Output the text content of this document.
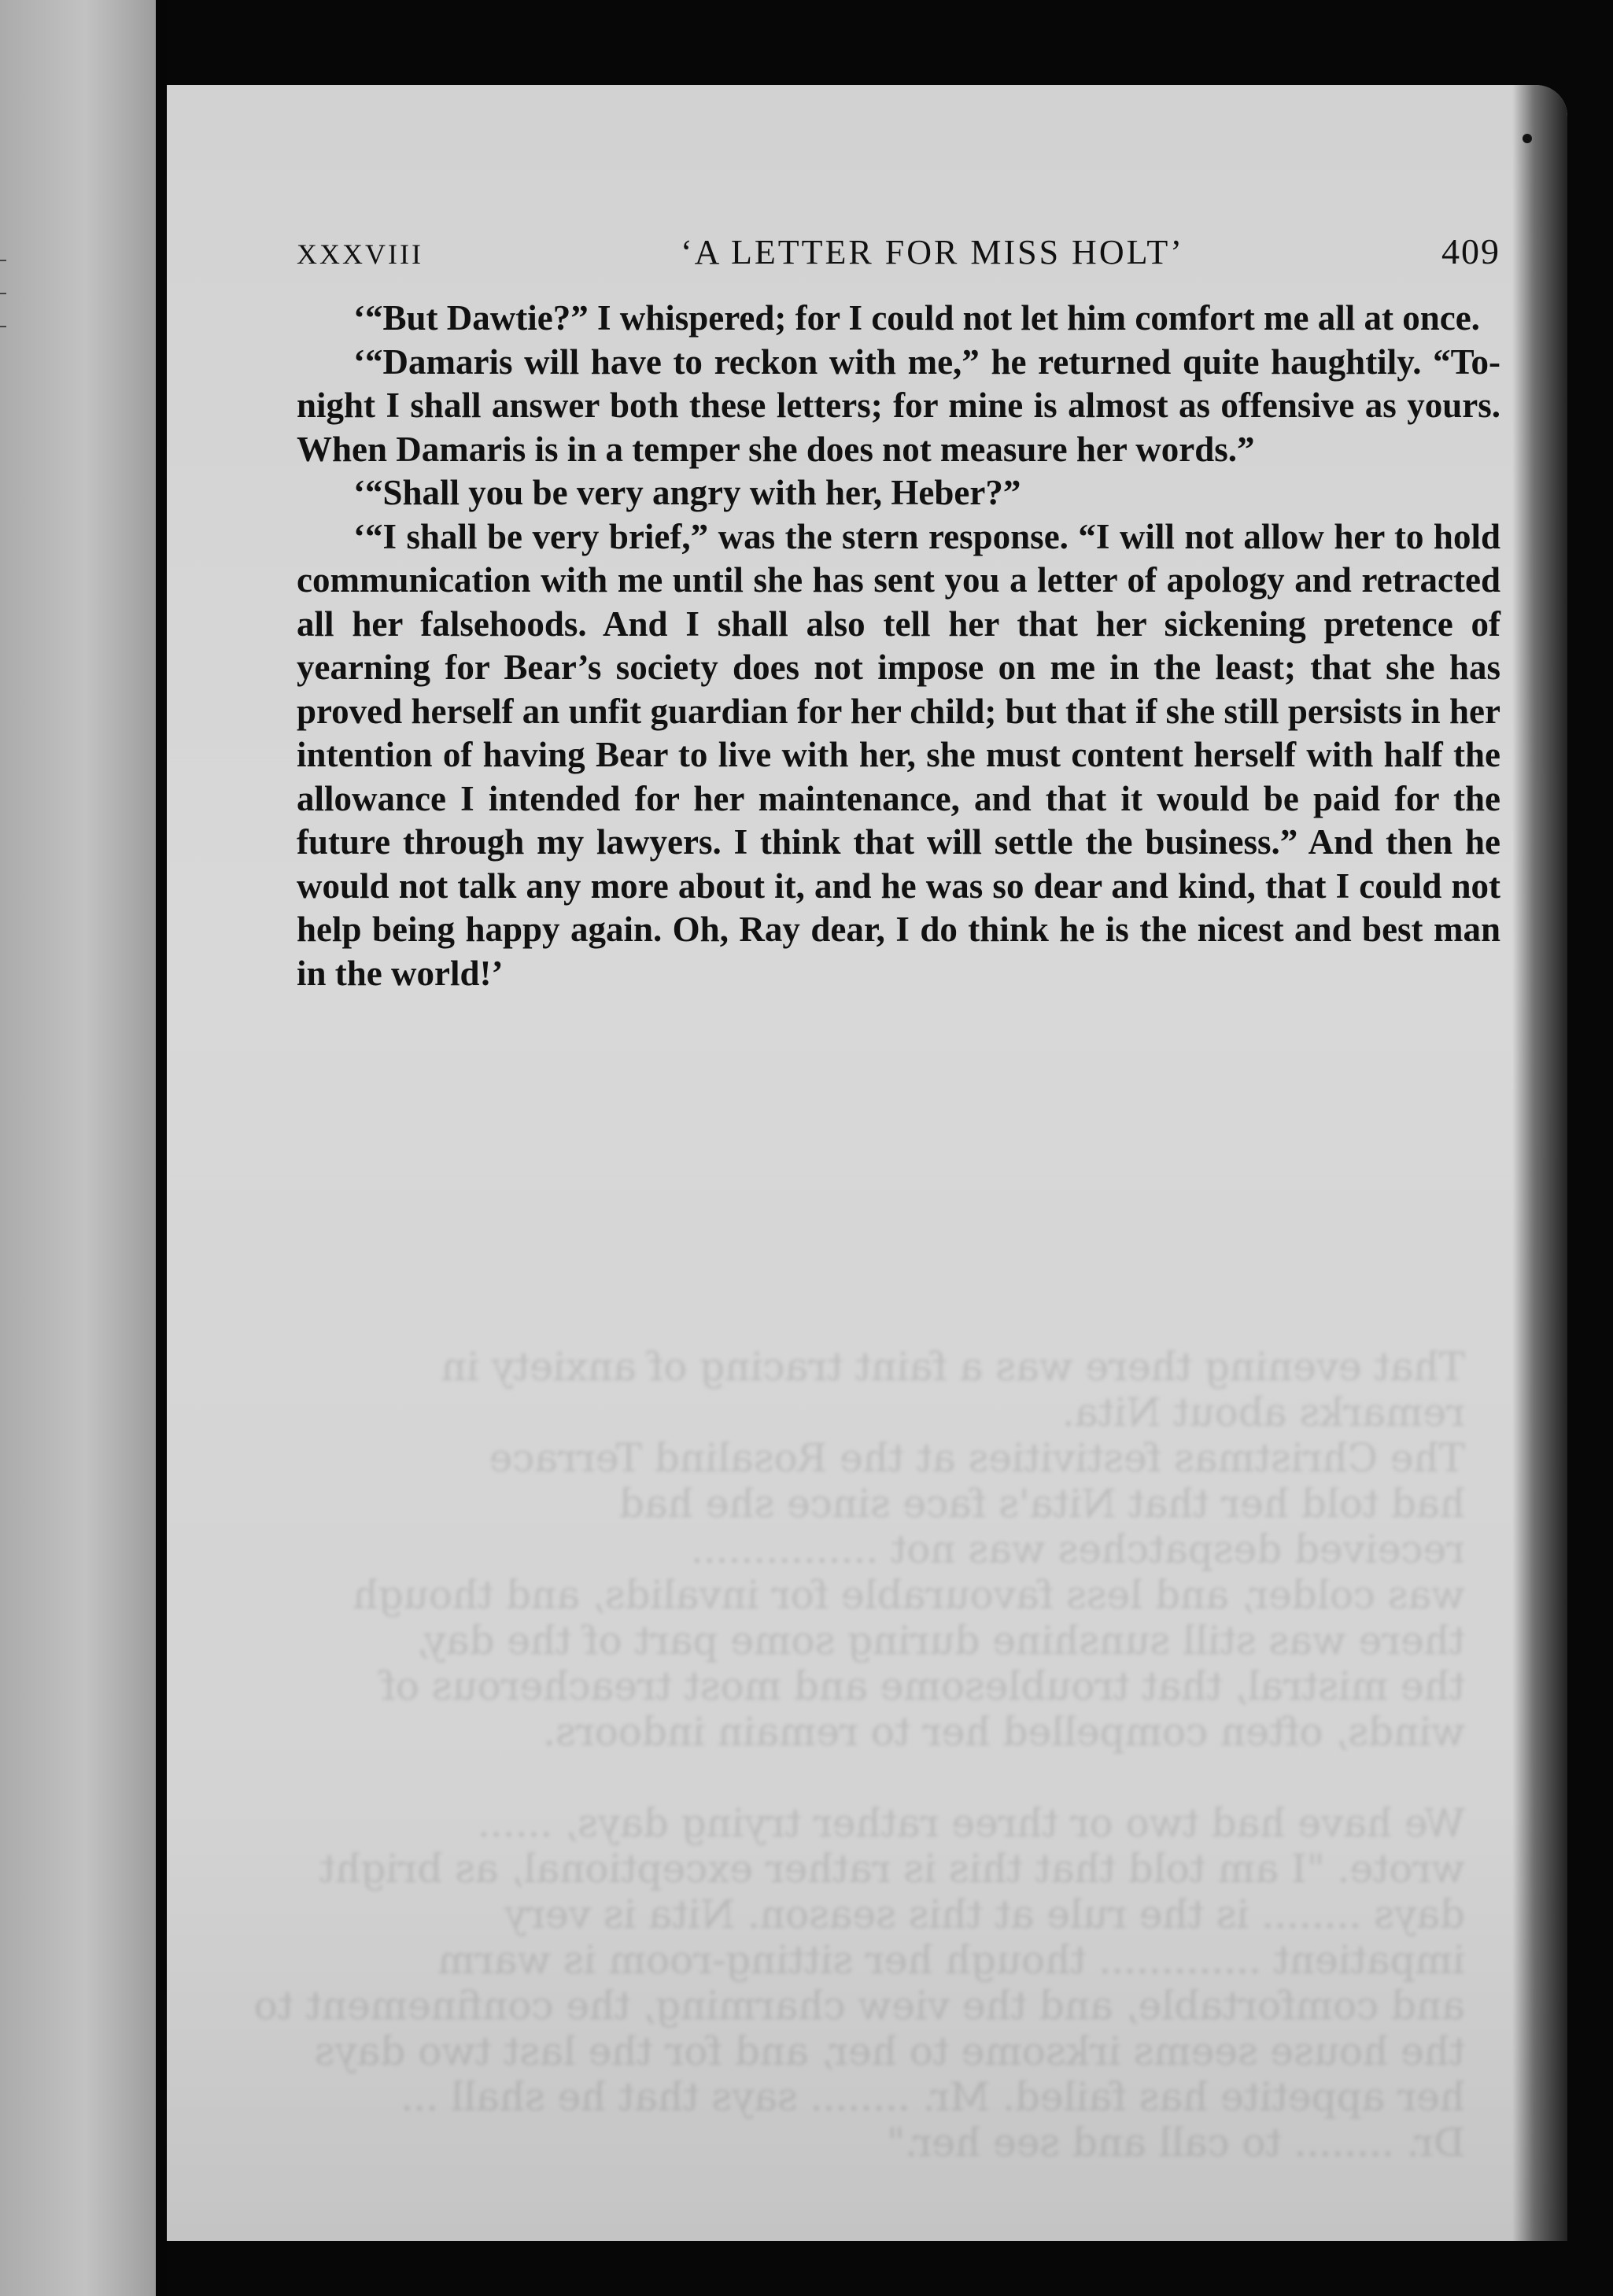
That evening there was a faint tracing of anxiety in
remarks about Nita.
The Christmas festivities at the Rosalind Terrace
had told her that Nita's face since she had
received despatches was not ...............
was colder, and less favourable for invalids, and though
there was still sunshine during some part of the day,
the mistral, that troublesome and most treacherous of
winds, often compelled her to remain indoors.

We have had two or three rather trying days, ......
wrote. "I am told that this is rather exceptional, as bright
days ........ is the rule at this season. Nita is very
impatient ............. though her sitting-room is warm
and comfortable, and the view charming, the confinement to
the house seems irksome to her, and for the last two days
her appetite has failed. Mr. ........ says that he shall ...
Dr. ........ to call and see her."
XXXVIII	‘A LETTER FOR MISS HOLT’	409

‘“But Dawtie?” I whispered; for I could not let him comfort me all at once.

‘“Damaris will have to reckon with me,” he returned quite haughtily. “To-night I shall answer both these letters; for mine is almost as offensive as yours. When Damaris is in a temper she does not measure her words.”

‘“Shall you be very angry with her, Heber?”

‘“I shall be very brief,” was the stern response. “I will not allow her to hold communication with me until she has sent you a letter of apology and retracted all her falsehoods. And I shall also tell her that her sickening pretence of yearning for Bear’s society does not impose on me in the least; that she has proved herself an unfit guardian for her child; but that if she still persists in her intention of having Bear to live with her, she must content herself with half the allowance I intended for her maintenance, and that it would be paid for the future through my lawyers. I think that will settle the business.” And then he would not talk any more about it, and he was so dear and kind, that I could not help being happy again. Oh, Ray dear, I do think he is the nicest and best man in the world!’
